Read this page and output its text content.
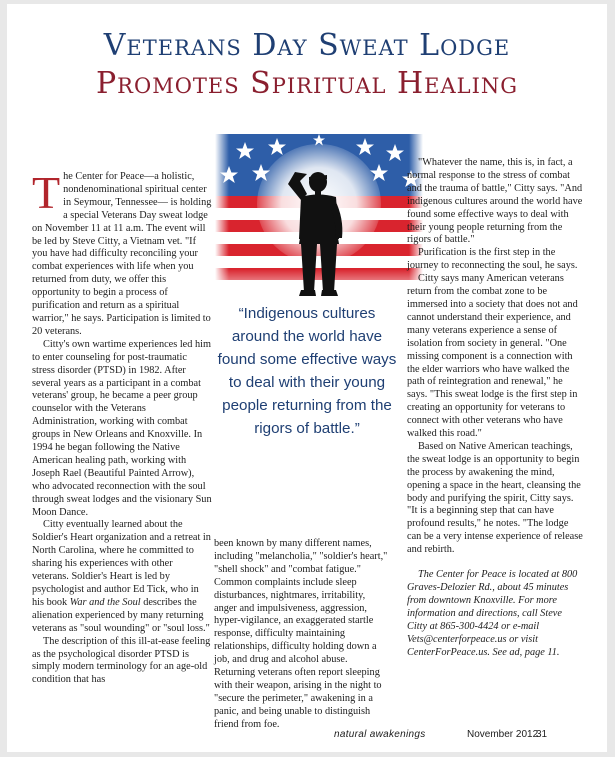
Veterans Day Sweat Lodge
Promotes Spiritual Healing

The Center for Peace—a holistic, nondenominational spiritual center in Seymour, Tennessee— is holding a special Veterans Day sweat lodge on November 11 at 11 a.m. The event will be led by Steve Citty, a Vietnam vet. "If you have had difficulty reconciling your combat experiences with life when you returned from duty, we offer this opportunity to begin a process of purification and return as a spiritual warrior," he says. Participation is limited to 20 veterans.

Citty's own wartime experiences led him to enter counseling for post-traumatic stress disorder (PTSD) in 1982. After several years as a participant in a combat veterans' group, he became a peer group counselor with the Veterans Administration, working with combat groups in New Orleans and Knoxville. In 1994 he began following the Native American healing path, working with Joseph Rael (Beautiful Painted Arrow), who advocated reconnection with the soul through sweat lodges and the visionary Sun Moon Dance.

Citty eventually learned about the Soldier's Heart organization and a retreat in North Carolina, where he committed to sharing his experiences with other veterans. Soldier's Heart is led by psychologist and author Ed Tick, who in his book War and the Soul describes the alienation experienced by many returning veterans as "soul wounding" or "soul loss."

The description of this ill-at-ease feeling as the psychological disorder PTSD is simply modern terminology for an age-old condition that has

“Indigenous cultures around the world have found some effective ways to deal with their young people returning from the rigors of battle.”

been known by many different names, including "melancholia," "soldier's heart," "shell shock" and "combat fatigue." Common complaints include sleep disturbances, nightmares, irritability, anger and impulsiveness, aggression, hyper-vigilance, an exaggerated startle response, difficulty maintaining relationships, difficulty holding down a job, and drug and alcohol abuse. Returning veterans often report sleeping with their weapon, arising in the night to "secure the perimeter," awakening in a panic, and being unable to distinguish friend from foe.

"Whatever the name, this is, in fact, a normal response to the stress of combat and the trauma of battle," Citty says. "And indigenous cultures around the world have found some effective ways to deal with their young people returning from the rigors of battle."

Purification is the first step in the journey to reconnecting the soul, he says.

Citty says many American veterans return from the combat zone to be immersed into a society that does not and cannot understand their experience, and many veterans experience a sense of isolation from society in general. "One missing component is a connection with the elder warriors who have walked the path of reintegration and renewal," he says. "This sweat lodge is the first step in creating an opportunity for veterans to connect with other veterans who have walked this road."

Based on Native American teachings, the sweat lodge is an opportunity to begin the process by awakening the mind, opening a space in the heart, cleansing the body and purifying the spirit, Citty says. "It is a beginning step that can have profound results," he notes. "The lodge can be a very intense experience of release and rebirth.

The Center for Peace is located at 800 Graves-Delozier Rd., about 45 minutes from downtown Knoxville. For more information and directions, call Steve Citty at 865-300-4424 or e-mail Vets@centerforpeace.us or visit CenterForPeace.us. See ad, page 11.

natural awakenings	November 2012
31
